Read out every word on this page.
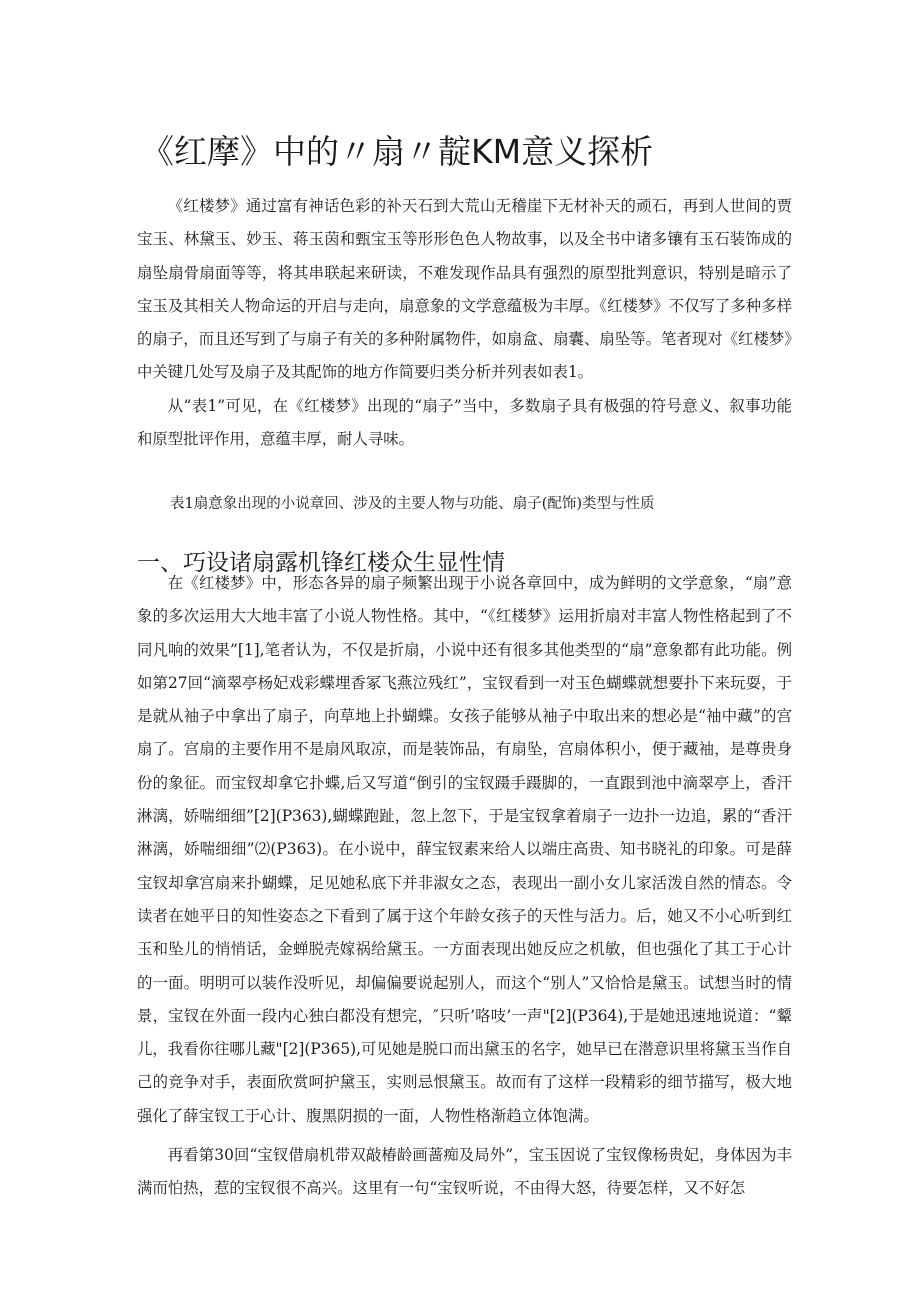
《红摩》中的〃扇〃靛KM意义探析

《红楼梦》通过富有神话色彩的补天石到大荒山无稽崖下无材补天的顽石，再到人世间的贾宝玉、林黛玉、妙玉、蒋玉茵和甄宝玉等形形色色人物故事，以及全书中诸多镶有玉石装饰成的扇坠扇骨扇面等等，将其串联起来研读，不难发现作品具有强烈的原型批判意识，特别是暗示了宝玉及其相关人物命运的开启与走向，扇意象的文学意蕴极为丰厚。《红楼梦》不仅写了多种多样的扇子，而且还写到了与扇子有关的多种附属物件，如扇盒、扇囊、扇坠等。笔者现对《红楼梦》中关键几处写及扇子及其配饰的地方作简要归类分析并列表如表1。

从“表1”可见，在《红楼梦》出现的“扇子”当中，多数扇子具有极强的符号意义、叙事功能和原型批评作用，意蕴丰厚，耐人寻味。

表1扇意象出现的小说章回、涉及的主要人物与功能、扇子(配饰)类型与性质
一、巧设诸扇露机锋红楼众生显性情

在《红楼梦》中，形态各异的扇子频繁出现于小说各章回中，成为鲜明的文学意象，“扇”意象的多次运用大大地丰富了小说人物性格。其中，“《红楼梦》运用折扇对丰富人物性格起到了不同凡响的效果”[1],笔者认为，不仅是折扇，小说中还有很多其他类型的“扇”意象都有此功能。例如第27回“滴翠亭杨妃戏彩蝶埋香冢飞燕泣残红”，宝钗看到一对玉色蝴蝶就想要扑下来玩耍，于是就从袖子中拿出了扇子，向草地上扑蝴蝶。女孩子能够从袖子中取出来的想必是“袖中藏”的宫扇了。宫扇的主要作用不是扇风取凉，而是装饰品，有扇坠，宫扇体积小，便于藏袖，是尊贵身份的象征。而宝钗却拿它扑蝶,后又写道“倒引的宝钗蹑手蹑脚的，一直跟到池中滴翠亭上，香汗淋漓，娇喘细细”[2](P363),蝴蝶跑趾，忽上忽下，于是宝钗拿着扇子一边扑一边追，累的“香汗淋漓，娇喘细细”⑵(P363)。在小说中，薛宝钗素来给人以端庄高贵、知书晓礼的印象。可是薛宝钗却拿宫扇来扑蝴蝶，足见她私底下并非淑女之态，表现出一副小女儿家活泼自然的情态。令读者在她平日的知性姿态之下看到了属于这个年龄女孩子的天性与活力。后，她又不小心听到红玉和坠儿的悄悄话，金蝉脱壳嫁祸给黛玉。一方面表现出她反应之机敏，但也强化了其工于心计的一面。明明可以装作没听见，却偏偏要说起别人，而这个“别人”又恰恰是黛玉。试想当时的情景，宝钗在外面一段内心独白都没有想完，″只听’咯吱’一声"[2](P364),于是她迅速地说道：“颦儿，我看你往哪儿藏"[2](P365),可见她是脱口而出黛玉的名字，她早已在潜意识里将黛玉当作自己的竞争对手，表面欣赏呵护黛玉，实则忌恨黛玉。故而有了这样一段精彩的细节描写，极大地强化了薛宝钗工于心计、腹黑阴损的一面，人物性格渐趋立体饱满。

再看第30回“宝钗借扇机带双敲椿龄画蔷痴及局外”，宝玉因说了宝钗像杨贵妃，身体因为丰满而怕热，惹的宝钗很不高兴。这里有一句“宝钗听说，不由得大怒，待要怎样，又不好怎
